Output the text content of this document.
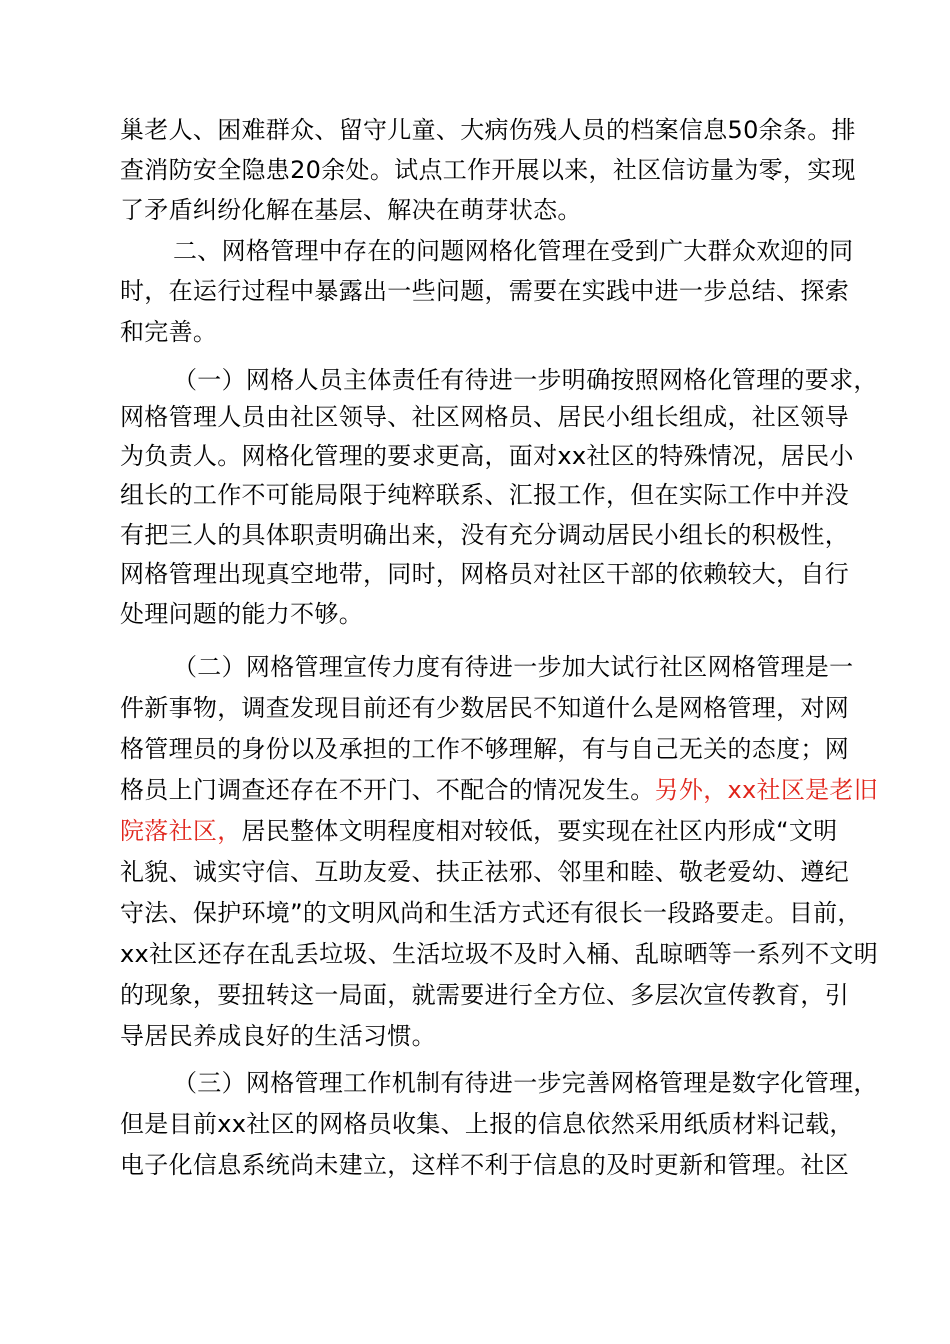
巢老人、困难群众、留守儿童、大病伤残人员的档案信息50余条。排
查消防安全隐患20余处。试点工作开展以来，社区信访量为零，实现
了矛盾纠纷化解在基层、解决在萌芽状态。
二、网格管理中存在的问题网格化管理在受到广大群众欢迎的同
时，在运行过程中暴露出一些问题，需要在实践中进一步总结、探索
和完善。
（一）网格人员主体责任有待进一步明确按照网格化管理的要求，
网格管理人员由社区领导、社区网格员、居民小组长组成，社区领导
为负责人。网格化管理的要求更高，面对xx社区的特殊情况，居民小
组长的工作不可能局限于纯粹联系、汇报工作，但在实际工作中并没
有把三人的具体职责明确出来，没有充分调动居民小组长的积极性，
网格管理出现真空地带，同时，网格员对社区干部的依赖较大，自行
处理问题的能力不够。
（二）网格管理宣传力度有待进一步加大试行社区网格管理是一
件新事物，调查发现目前还有少数居民不知道什么是网格管理，对网
格管理员的身份以及承担的工作不够理解，有与自己无关的态度；网
格员上门调查还存在不开门、不配合的情况发生。另外，xx社区是老旧
院落社区，居民整体文明程度相对较低，要实现在社区内形成“文明
礼貌、诚实守信、互助友爱、扶正祛邪、邻里和睦、敬老爱幼、遵纪
守法、保护环境”的文明风尚和生活方式还有很长一段路要走。目前，
xx社区还存在乱丢垃圾、生活垃圾不及时入桶、乱晾晒等一系列不文明
的现象，要扭转这一局面，就需要进行全方位、多层次宣传教育，引
导居民养成良好的生活习惯。
（三）网格管理工作机制有待进一步完善网格管理是数字化管理，
但是目前xx社区的网格员收集、上报的信息依然采用纸质材料记载，
电子化信息系统尚未建立，这样不利于信息的及时更新和管理。社区
